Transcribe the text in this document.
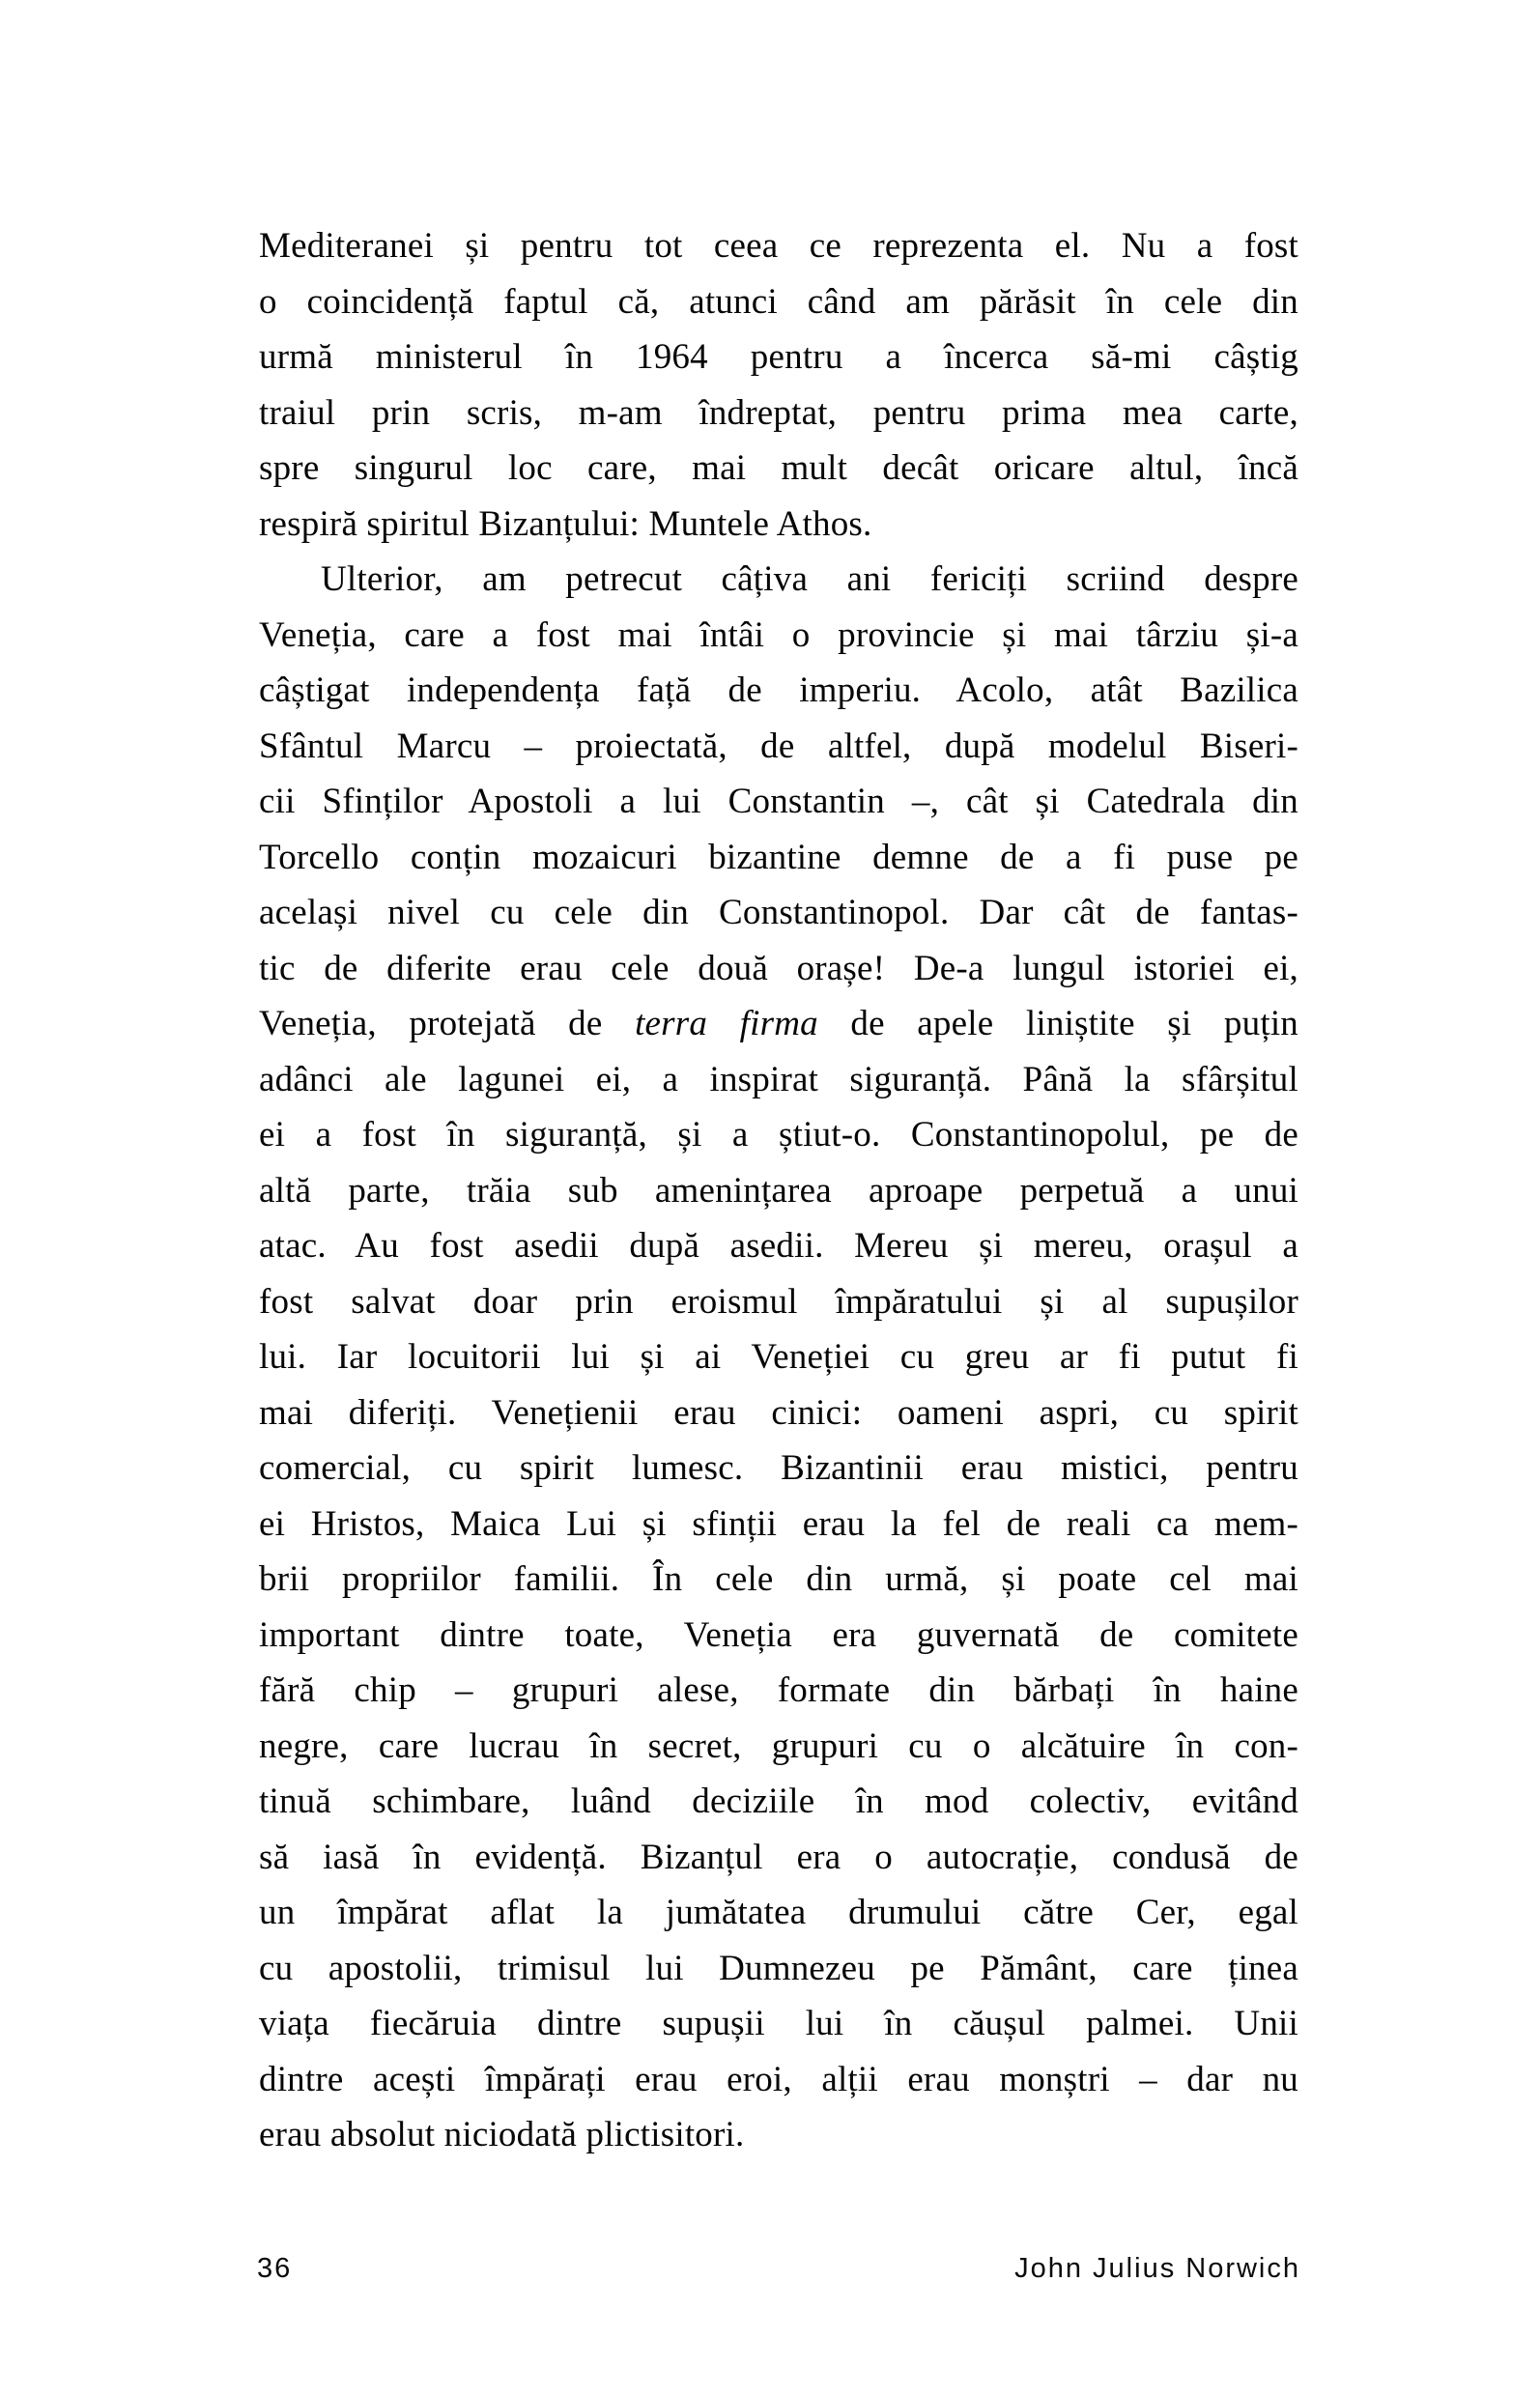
Mediteranei și pentru tot ceea ce reprezenta el. Nu a fost
o coincidență faptul că, atunci când am părăsit în cele din
urmă ministerul în 1964 pentru a încerca să-mi câștig
traiul prin scris, m-am îndreptat, pentru prima mea carte,
spre singurul loc care, mai mult decât oricare altul, încă
respiră spiritul Bizanțului: Muntele Athos.
Ulterior, am petrecut câțiva ani fericiți scriind despre
Veneția, care a fost mai întâi o provincie și mai târziu și-a
câștigat independența față de imperiu. Acolo, atât Bazilica
Sfântul Marcu – proiectată, de altfel, după modelul Biseri-
cii Sfinților Apostoli a lui Constantin –, cât și Catedrala din
Torcello conțin mozaicuri bizantine demne de a fi puse pe
același nivel cu cele din Constantinopol. Dar cât de fantas-
tic de diferite erau cele două orașe! De-a lungul istoriei ei,
Veneția, protejată de terra firma de apele liniștite și puțin
adânci ale lagunei ei, a inspirat siguranță. Până la sfârșitul
ei a fost în siguranță, și a știut-o. Constantinopolul, pe de
altă parte, trăia sub amenințarea aproape perpetuă a unui
atac. Au fost asedii după asedii. Mereu și mereu, orașul a
fost salvat doar prin eroismul împăratului și al supușilor
lui. Iar locuitorii lui și ai Veneției cu greu ar fi putut fi
mai diferiți. Venețienii erau cinici: oameni aspri, cu spirit
comercial, cu spirit lumesc. Bizantinii erau mistici, pentru
ei Hristos, Maica Lui și sfinții erau la fel de reali ca mem-
brii propriilor familii. În cele din urmă, și poate cel mai
important dintre toate, Veneția era guvernată de comitete
fără chip – grupuri alese, formate din bărbați în haine
negre, care lucrau în secret, grupuri cu o alcătuire în con-
tinuă schimbare, luând deciziile în mod colectiv, evitând
să iasă în evidență. Bizanțul era o autocrație, condusă de
un împărat aflat la jumătatea drumului către Cer, egal
cu apostolii, trimisul lui Dumnezeu pe Pământ, care ținea
viața fiecăruia dintre supușii lui în căușul palmei. Unii
dintre acești împărați erau eroi, alții erau monștri – dar nu
erau absolut niciodată plictisitori.
36	John Julius Norwich
